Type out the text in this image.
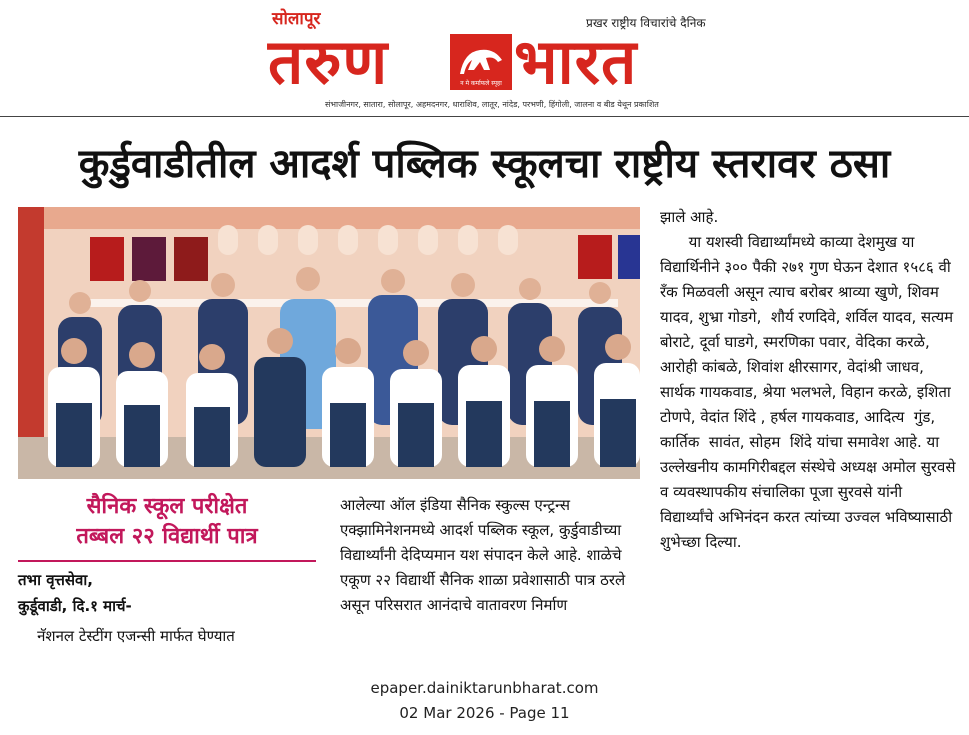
सोलापूर	प्रखर राष्ट्रीय विचारांचे दैनिक
तरुण	न मे कर्माफले स्पृहा भारत
संभाजीनगर, सातारा, सोलापूर, अहमदनगर, धाराशिव, लातूर, नांदेड, परभणी, हिंगोली, जालना व बीड येथून प्रकाशित
कुर्डुवाडीतील आदर्श पब्लिक स्कूलचा राष्ट्रीय स्तरावर ठसा
सैनिक स्कूल परीक्षेत
तब्बल २२ विद्यार्थी पात्र
तभा वृत्तसेवा,
कुर्डूवाडी, दि.१ मार्च-
नॅशनल टेस्टींग एजन्सी मार्फत घेण्यात
आलेल्या ऑल इंडिया सैनिक स्कुल्स एन्ट्रन्स एक्झामिनेशनमध्ये आदर्श पब्लिक स्कूल, कुर्डुवाडीच्या विद्यार्थ्यांनी देदिप्यमान यश संपादन केले आहे. शाळेचे एकूण २२ विद्यार्थी सैनिक शाळा प्रवेशासाठी पात्र ठरले असून परिसरात आनंदाचे वातावरण निर्माण
झाले आहे.
या यशस्वी विद्यार्थ्यांमध्ये काव्या देशमुख या विद्यार्थिनीने ३०० पैकी २७१ गुण घेऊन देशात १५८६ वी रँक मिळवली असून त्याच बरोबर श्राव्या खुणे, शिवम यादव, शुभ्रा गोडगे,  शौर्य रणदिवे, शर्विल यादव, सत्यम बोराटे, दूर्वा घाडगे, स्मरणिका पवार, वेदिका करळे, आरोही कांबळे, शिवांश क्षीरसागर, वेदांश्री जाधव, सार्थक गायकवाड, श्रेया भलभले, विहान करळे, इशिता टोणपे, वेदांत शिंदे , हर्षल गायकवाड, आदित्य  गुंड, कार्तिक  सावंत, सोहम  शिंदे यांचा समावेश आहे. या उल्लेखनीय कामगिरीबद्दल संस्थेचे अध्यक्ष अमोल सुरवसे व व्यवस्थापकीय संचालिका पूजा सुरवसे यांनी विद्यार्थ्यांचे अभिनंदन करत त्यांच्या उज्वल भविष्यासाठी शुभेच्छा दिल्या.
epaper.dainiktarunbharat.com
02 Mar 2026 - Page 11
